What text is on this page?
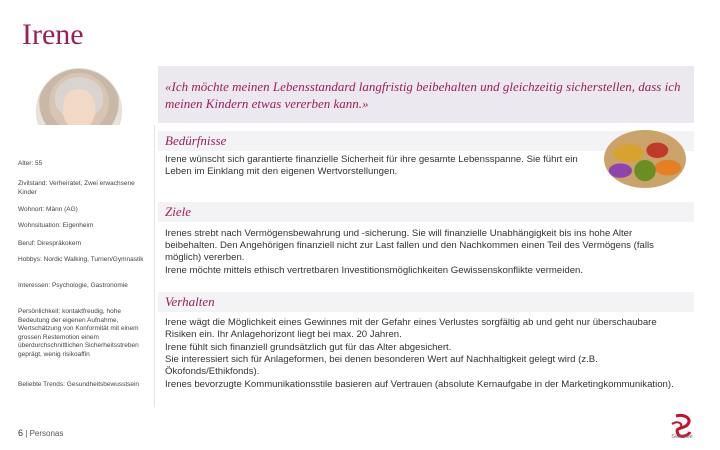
Irene
«Ich möchte meinen Lebensstandard langfristig beibehalten und gleichzeitig sicherstellen, dass ich meinen Kindern etwas vererben kann.»
Alter: 55
Zivilstand: Verheiratet, Zwei erwachsene Kinder
Wohnort: Männ (AG)
Wohnsituation: Eigenheim
Beruf: Direspräkokern
Hobbys: Nordic Walking, Turnen/Gymnastik
Interessen: Psychologie, Gastronomie
Persönlichkeit: kontaktfreudig, hohe Bedeutung der eigenen Aufnahme, Wertschätzung von Konformität mit einem grossen Restemotion einem überdurchschnittlichen Sicherheitsstreben geprägt, wenig risikoaffin
Beliebte Trends: Gesundheitsbewusstsein
Bedürfnisse
Irene wünscht sich garantierte finanzielle Sicherheit für ihre gesamte Lebensspanne. Sie führt ein Leben im Einklang mit den eigenen Wertvorstellungen.
Ziele
Irenes strebt nach Vermögensbewahrung und -sicherung. Sie will finanzielle Unabhängigkeit bis ins hohe Alter beibehalten. Den Angehörigen finanziell nicht zur Last fallen und den Nachkommen einen Teil des Vermögens (falls möglich) vererben.
Irene möchte mittels ethisch vertretbaren Investitionsmöglichkeiten Gewissenskonflikte vermeiden.
Verhalten
Irene wägt die Möglichkeit eines Gewinnes mit der Gefahr eines Verlustes sorgfältig ab und geht nur überschaubare Risiken ein. Ihr Anlagehorizont liegt bei max. 20 Jahren.
Irene fühlt sich finanziell grundsätzlich gut für das Alter abgesichert.
Sie interessiert sich für Anlageformen, bei denen besonderen Wert auf Nachhaltigkeit gelegt wird (z.B. Ökofonds/Ethikfonds).
Irenes bevorzugte Kommunikationsstile basieren auf Vertrauen (absolute Kernaufgabe in der Marketingkommunikation).
6 | Personas	Swisslife
